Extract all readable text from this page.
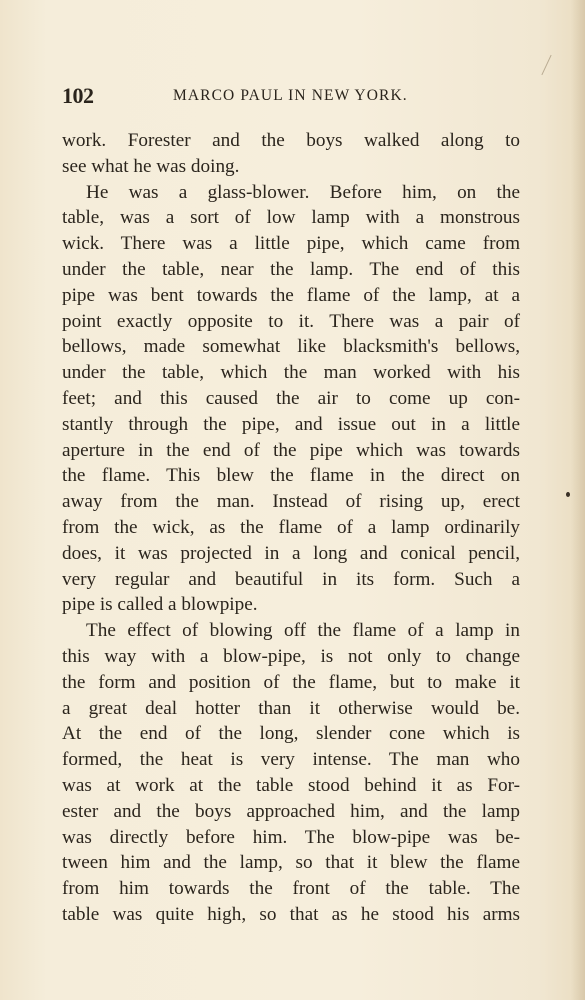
102	MARCO PAUL IN NEW YORK.
work. Forester and the boys walked along to
see what he was doing.
He was a glass-blower. Before him, on the
table, was a sort of low lamp with a monstrous
wick. There was a little pipe, which came from
under the table, near the lamp. The end of this
pipe was bent towards the flame of the lamp, at a
point exactly opposite to it. There was a pair of
bellows, made somewhat like blacksmith's bellows,
under the table, which the man worked with his
feet; and this caused the air to come up con-
stantly through the pipe, and issue out in a little
aperture in the end of the pipe which was towards
the flame. This blew the flame in the direct on
away from the man. Instead of rising up, erect
from the wick, as the flame of a lamp ordinarily
does, it was projected in a long and conical pencil,
very regular and beautiful in its form. Such a
pipe is called a blowpipe.
The effect of blowing off the flame of a lamp in
this way with a blow-pipe, is not only to change
the form and position of the flame, but to make it
a great deal hotter than it otherwise would be.
At the end of the long, slender cone which is
formed, the heat is very intense. The man who
was at work at the table stood behind it as For-
ester and the boys approached him, and the lamp
was directly before him. The blow-pipe was be-
tween him and the lamp, so that it blew the flame
from him towards the front of the table. The
table was quite high, so that as he stood his arms
